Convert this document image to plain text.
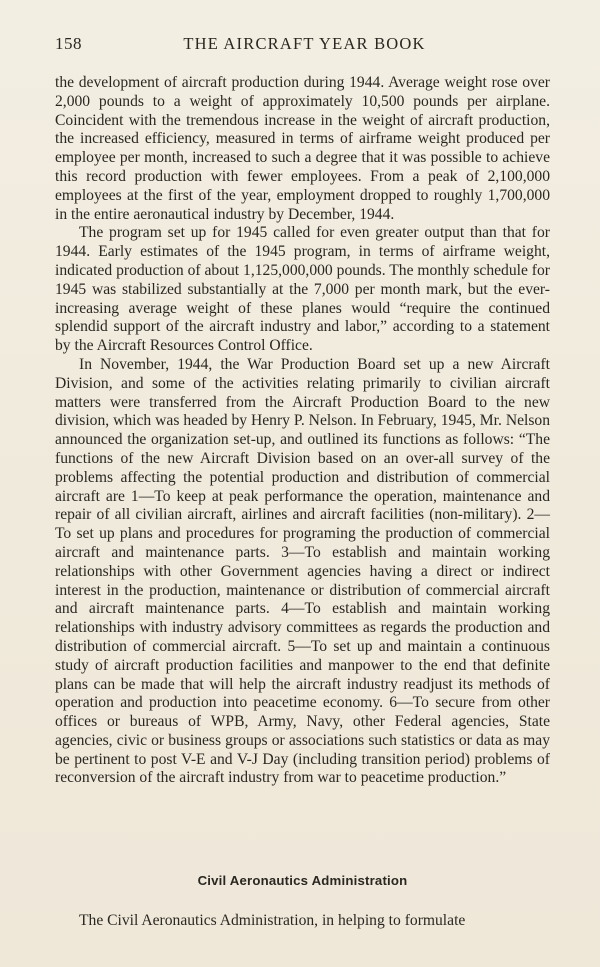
158	THE AIRCRAFT YEAR BOOK

the development of aircraft production during 1944. Average weight rose over 2,000 pounds to a weight of approximately 10,500 pounds per airplane. Coincident with the tremendous increase in the weight of aircraft production, the increased efficiency, measured in terms of airframe weight produced per employee per month, increased to such a degree that it was possible to achieve this record production with fewer employees. From a peak of 2,100,000 employees at the first of the year, employment dropped to roughly 1,700,000 in the entire aeronautical industry by December, 1944.

The program set up for 1945 called for even greater output than that for 1944. Early estimates of the 1945 program, in terms of airframe weight, indicated production of about 1,125,000,000 pounds. The monthly schedule for 1945 was stabilized substantially at the 7,000 per month mark, but the ever-increasing average weight of these planes would “require the continued splendid support of the aircraft industry and labor,” according to a statement by the Aircraft Resources Control Office.

In November, 1944, the War Production Board set up a new Aircraft Division, and some of the activities relating primarily to civilian aircraft matters were transferred from the Aircraft Production Board to the new division, which was headed by Henry P. Nelson. In February, 1945, Mr. Nelson announced the organization set-up, and outlined its functions as follows: “The functions of the new Aircraft Division based on an over-all survey of the problems affecting the potential production and distribution of commercial aircraft are 1—To keep at peak performance the operation, maintenance and repair of all civilian aircraft, airlines and aircraft facilities (non-military). 2—To set up plans and procedures for programing the production of commercial aircraft and maintenance parts. 3—To establish and maintain working relationships with other Government agencies having a direct or indirect interest in the production, maintenance or distribution of commercial aircraft and aircraft maintenance parts. 4—To establish and maintain working relationships with industry advisory committees as regards the production and distribution of commercial aircraft. 5—To set up and maintain a continuous study of aircraft production facilities and manpower to the end that definite plans can be made that will help the aircraft industry readjust its methods of operation and production into peacetime economy. 6—To secure from other offices or bureaus of WPB, Army, Navy, other Federal agencies, State agencies, civic or business groups or associations such statistics or data as may be pertinent to post V-E and V-J Day (including transition period) problems of reconversion of the aircraft industry from war to peacetime production.”

Civil Aeronautics Administration

The Civil Aeronautics Administration, in helping to formulate
